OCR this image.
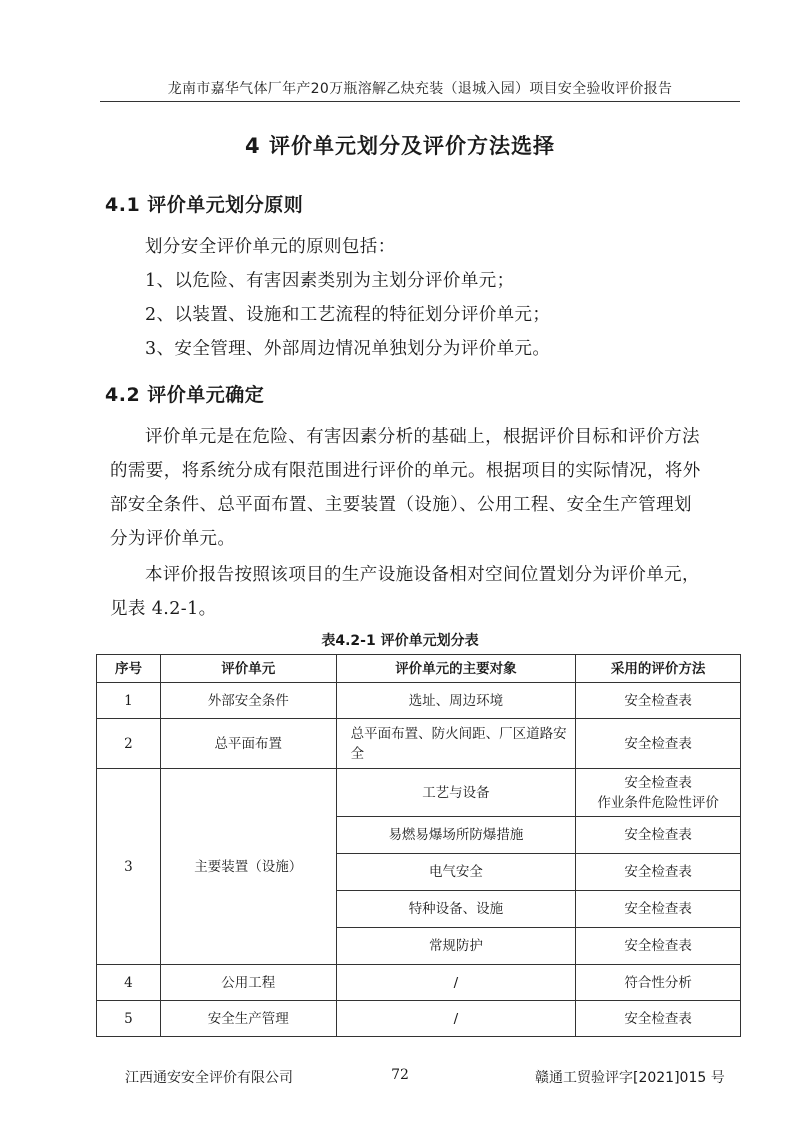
龙南市嘉华气体厂年产20万瓶溶解乙炔充装（退城入园）项目安全验收评价报告
4 评价单元划分及评价方法选择
4.1 评价单元划分原则
划分安全评价单元的原则包括：
1、以危险、有害因素类别为主划分评价单元；
2、以装置、设施和工艺流程的特征划分评价单元；
3、安全管理、外部周边情况单独划分为评价单元。
4.2 评价单元确定
评价单元是在危险、有害因素分析的基础上，根据评价目标和评价方法
的需要，将系统分成有限范围进行评价的单元。根据项目的实际情况，将外
部安全条件、总平面布置、主要装置（设施）、公用工程、安全生产管理划
分为评价单元。
本评价报告按照该项目的生产设施设备相对空间位置划分为评价单元，
见表 4.2-1。
表4.2-1 评价单元划分表
序号	评价单元	评价单元的主要对象	采用的评价方法
1	外部安全条件	选址、周边环境	安全检查表
2	总平面布置	总平面布置、防火间距、厂区道路安全	安全检查表
3	主要装置（设施）	工艺与设备	安全检查表
作业条件危险性评价
		易燃易爆场所防爆措施	安全检查表
		电气安全	安全检查表
		特种设备、设施	安全检查表
		常规防护	安全检查表
4	公用工程	/	符合性分析
5	安全生产管理	/	安全检查表
江西通安安全评价有限公司	72	赣通工贸验评字[2021]015 号
